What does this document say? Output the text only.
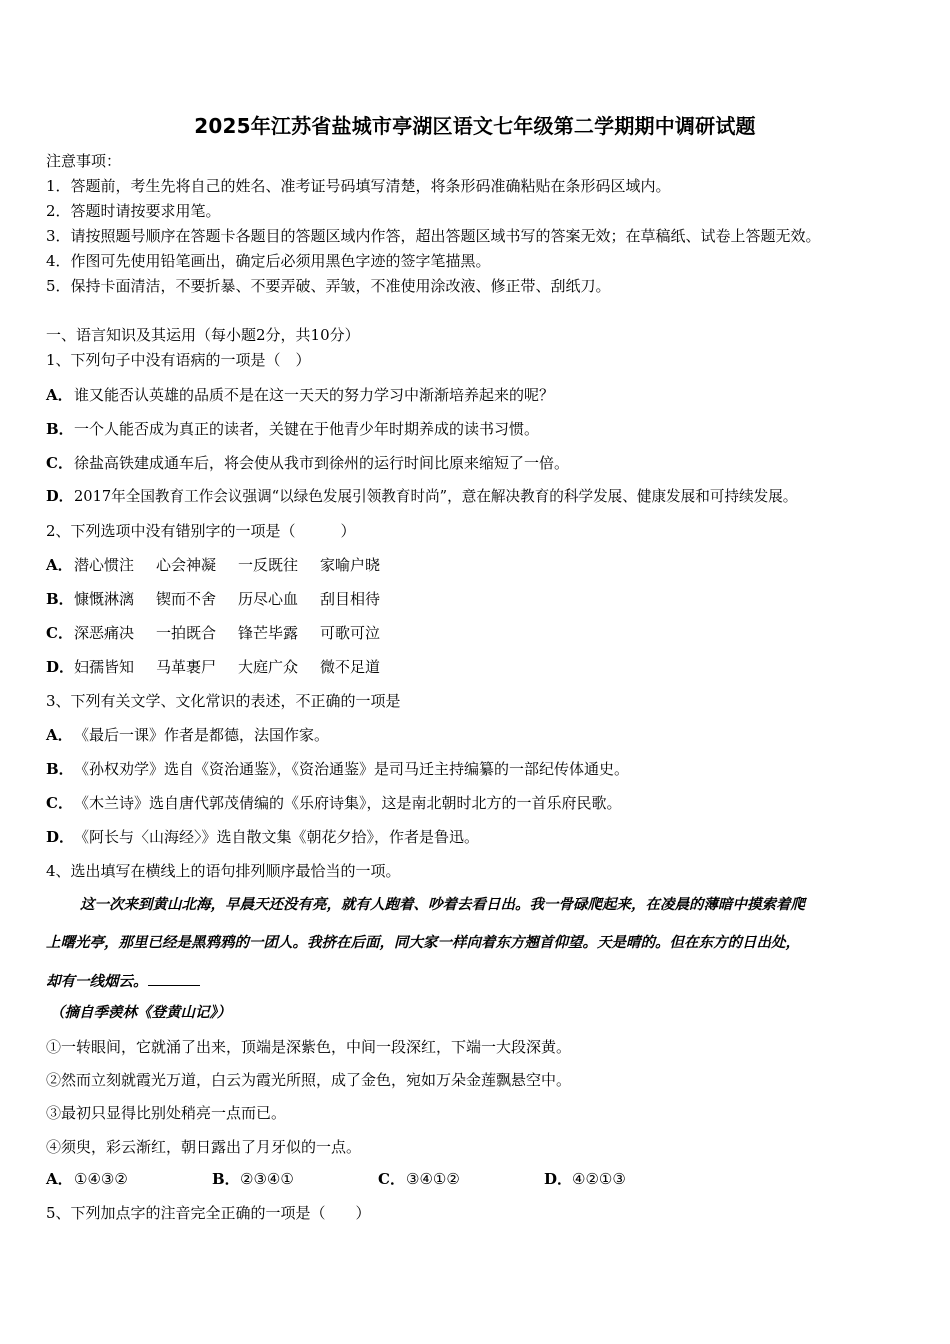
2025年江苏省盐城市亭湖区语文七年级第二学期期中调研试题
注意事项：
1．答题前，考生先将自己的姓名、准考证号码填写清楚，将条形码准确粘贴在条形码区域内。
2．答题时请按要求用笔。
3．请按照题号顺序在答题卡各题目的答题区域内作答，超出答题区域书写的答案无效；在草稿纸、试卷上答题无效。
4．作图可先使用铅笔画出，确定后必须用黑色字迹的签字笔描黑。
5．保持卡面清洁，不要折暴、不要弄破、弄皱，不准使用涂改液、修正带、刮纸刀。
一、语言知识及其运用（每小题2分，共10分）
1、下列句子中没有语病的一项是（　）
A．谁又能否认英雄的品质不是在这一天天的努力学习中渐渐培养起来的呢？
B．一个人能否成为真正的读者，关键在于他青少年时期养成的读书习惯。
C．徐盐高铁建成通车后，将会使从我市到徐州的运行时间比原来缩短了一倍。
D．2017年全国教育工作会议强调“以绿色发展引领教育时尚”，意在解决教育的科学发展、健康发展和可持续发展。
2、下列选项中没有错别字的一项是（　　　）
A．潜心惯注 心会神凝 一反既往 家喻户晓
B．慷慨淋漓 锲而不舍 历尽心血 刮目相待
C．深恶痛决 一拍既合 锋芒毕露 可歌可泣
D．妇孺皆知 马革裹尸 大庭广众 微不足道
3、下列有关文学、文化常识的表述，不正确的一项是
A．《最后一课》作者是都德，法国作家。
B．《孙权劝学》选自《资治通鉴》，《资治通鉴》是司马迁主持编纂的一部纪传体通史。
C．《木兰诗》选自唐代郭茂倩编的《乐府诗集》，这是南北朝时北方的一首乐府民歌。
D．《阿长与〈山海经〉》选自散文集《朝花夕拾》，作者是鲁迅。
4、选出填写在横线上的语句排列顺序最恰当的一项。
这一次来到黄山北海，早晨天还没有亮，就有人跑着、吵着去看日出。我一骨碌爬起来，在凌晨的薄暗中摸索着爬
上曙光亭，那里已经是黑鸦鸦的一团人。我挤在后面，同大家一样向着东方翘首仰望。天是晴的。但在东方的日出处，
却有一线烟云。
（摘自季羡林《登黄山记》）
①一转眼间，它就涌了出来，顶端是深紫色，中间一段深红，下端一大段深黄。
②然而立刻就霞光万道，白云为霞光所照，成了金色，宛如万朵金莲飘悬空中。
③最初只显得比别处稍亮一点而已。
④须臾，彩云渐红，朝日露出了月牙似的一点。
A．①④③②	B．②③④①	C．③④①②	D．④②①③
5、下列加点字的注音完全正确的一项是（　　）
